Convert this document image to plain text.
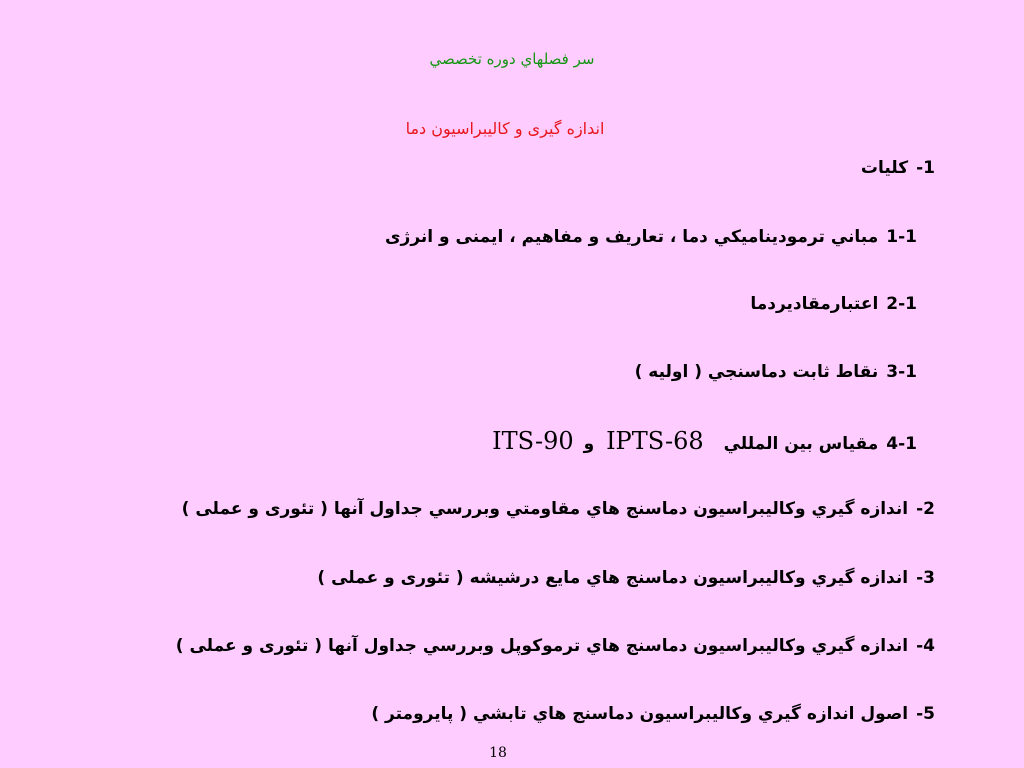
سر فصلهاي دوره تخصصي
اندازه گیری و کالیبراسیون دما
1-کلیات
1-1مباني ترمودیناميكي دما ، تعاریف و مفاهیم ، ایمنی و انرژی
2-1اعتبارمقادیردما
3-1نقاط ثابت دماسنجي ( اولیه )
4-1مقیاس بین المللي IPTS-68 و ITS-90
2-اندازه گیري وكالیبراسیون دماسنج هاي مقاومتي وبررسي جداول آنها ( تئوری و عملی )
3-اندازه گیري وكالیبراسیون دماسنج هاي مایع درشیشه ( تئوری و عملی )
4-اندازه گیري وكالیبراسیون دماسنج هاي ترموكوپل وبررسي جداول آنها ( تئوری و عملی )
5-اصول اندازه گیري وكالیبراسیون دماسنج هاي تابشي ( پایرومتر )
18
